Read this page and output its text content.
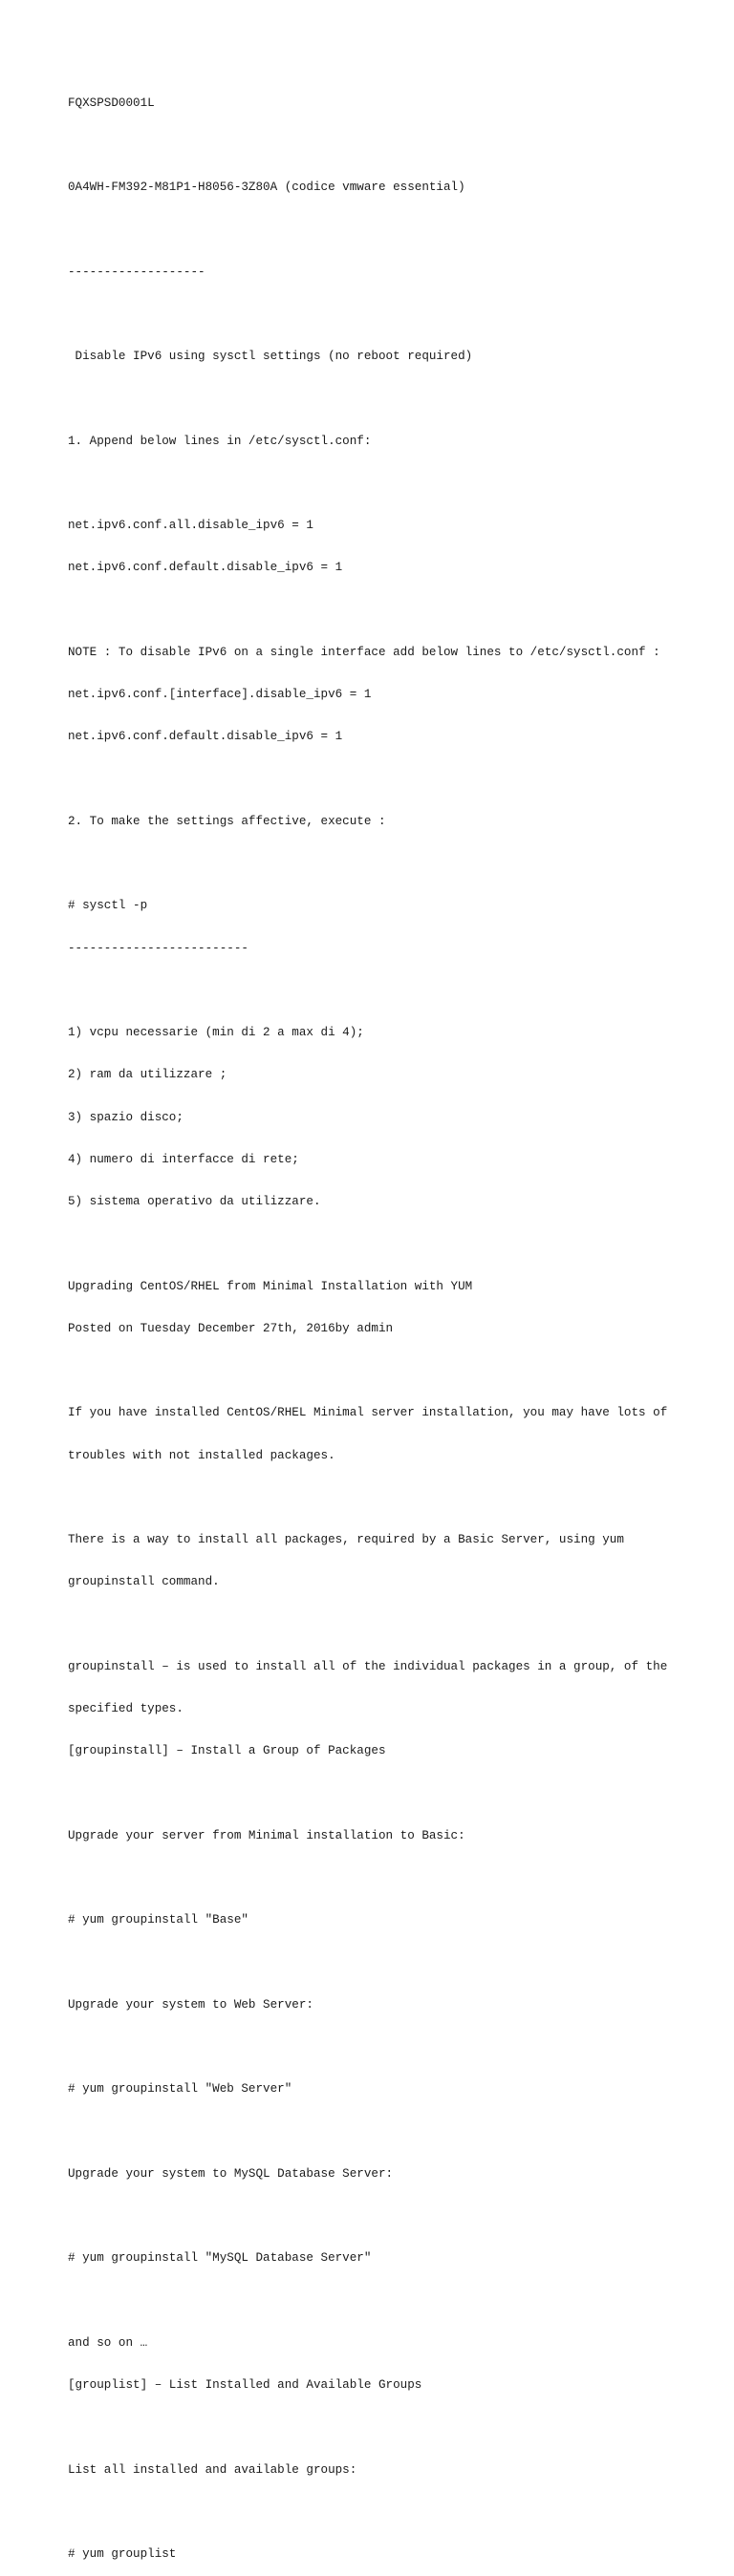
FQXSPSD0001L

0A4WH-FM392-M81P1-H8056-3Z80A (codice vmware essential)

-------------------

Disable IPv6 using sysctl settings (no reboot required)

1. Append below lines in /etc/sysctl.conf:

net.ipv6.conf.all.disable_ipv6 = 1

net.ipv6.conf.default.disable_ipv6 = 1

NOTE : To disable IPv6 on a single interface add below lines to /etc/sysctl.conf :

net.ipv6.conf.[interface].disable_ipv6 = 1

net.ipv6.conf.default.disable_ipv6 = 1

2. To make the settings affective, execute :

# sysctl -p

-------------------------

1) vcpu necessarie (min di 2 a max di 4);

2) ram da utilizzare ;

3) spazio disco;

4) numero di interfacce di rete;

5) sistema operativo da utilizzare.

Upgrading CentOS/RHEL from Minimal Installation with YUM

Posted on Tuesday December 27th, 2016by admin

If you have installed CentOS/RHEL Minimal server installation, you may have lots of

troubles with not installed packages.

There is a way to install all packages, required by a Basic Server, using yum

groupinstall command.

groupinstall – is used to install all of the individual packages in a group, of the

specified types.

[groupinstall] – Install a Group of Packages

Upgrade your server from Minimal installation to Basic:

# yum groupinstall "Base"

Upgrade your system to Web Server:

# yum groupinstall "Web Server"

Upgrade your system to MySQL Database Server:

# yum groupinstall "MySQL Database Server"

and so on …

[grouplist] – List Installed and Available Groups

List all installed and available groups:

# yum grouplist
